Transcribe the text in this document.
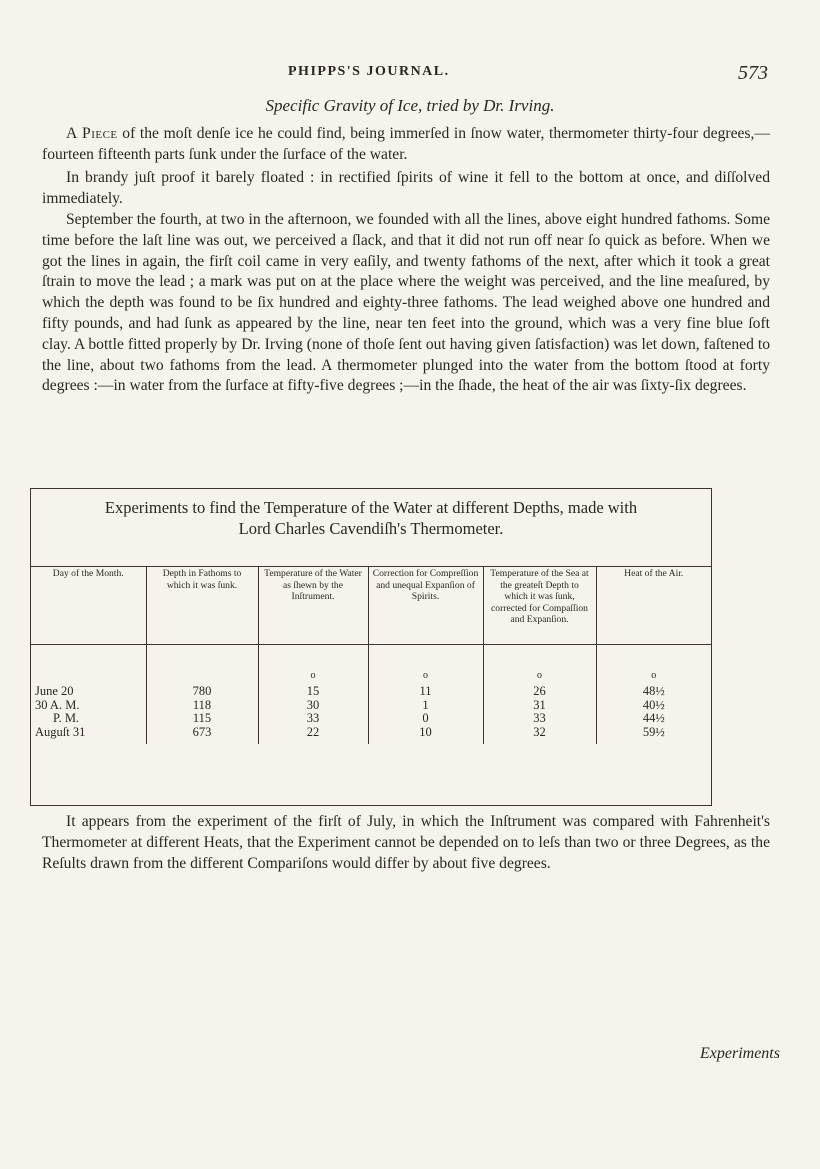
PHIPPS'S JOURNAL.	573
Specific Gravity of Ice, tried by Dr. Irving.

A Piece of the moſt denſe ice he could find, being immerſed in ſnow water, thermometer thirty-four degrees,—fourteen fifteenth parts ſunk under the ſurface of the water.

In brandy juſt proof it barely floated : in rectified ſpirits of wine it fell to the bottom at once, and diſſolved immediately.

September the fourth, at two in the afternoon, we founded with all the lines, above eight hundred fathoms. Some time before the laſt line was out, we perceived a ſlack, and that it did not run off near ſo quick as before. When we got the lines in again, the firſt coil came in very eaſily, and twenty fathoms of the next, after which it took a great ſtrain to move the lead ; a mark was put on at the place where the weight was perceived, and the line meaſured, by which the depth was found to be ſix hundred and eighty-three fathoms. The lead weighed above one hundred and fifty pounds, and had ſunk as appeared by the line, near ten feet into the ground, which was a very fine blue ſoft clay. A bottle fitted properly by Dr. Irving (none of thoſe ſent out having given ſatisfaction) was let down, faſtened to the line, about two fathoms from the lead. A thermometer plunged into the water from the bottom ſtood at forty degrees :—in water from the ſurface at fifty-five degrees ;—in the ſhade, the heat of the air was ſixty-ſix degrees.

Experiments to find the Temperature of the Water at different Depths, made with
Lord Charles Cavendiſh's Thermometer.
Day of the Month.	Depth in Fathoms to which it was ſunk.	Temperature of the Water as ſhewn by the Inſtrument.	Correction for Compreſſion and unequal Expanſion of Spirits.	Temperature of the Sea at the greateſt Depth to which it was ſunk, corrected for Compaſſion and Expanſion.	Heat of the Air.
		o	o	o	o
June 20	780	15	11	26	48½
30 A. M.	118	30	1	31	40½
P. M.	115	33	0	33	44½
Auguſt 31	673	22	10	32	59½

It appears from the experiment of the firſt of July, in which the Inſtrument was compared with Fahrenheit's Thermometer at different Heats, that the Experiment cannot be depended on to leſs than two or three Degrees, as the Reſults drawn from the different Compariſons would differ by about five degrees.

Experiments
